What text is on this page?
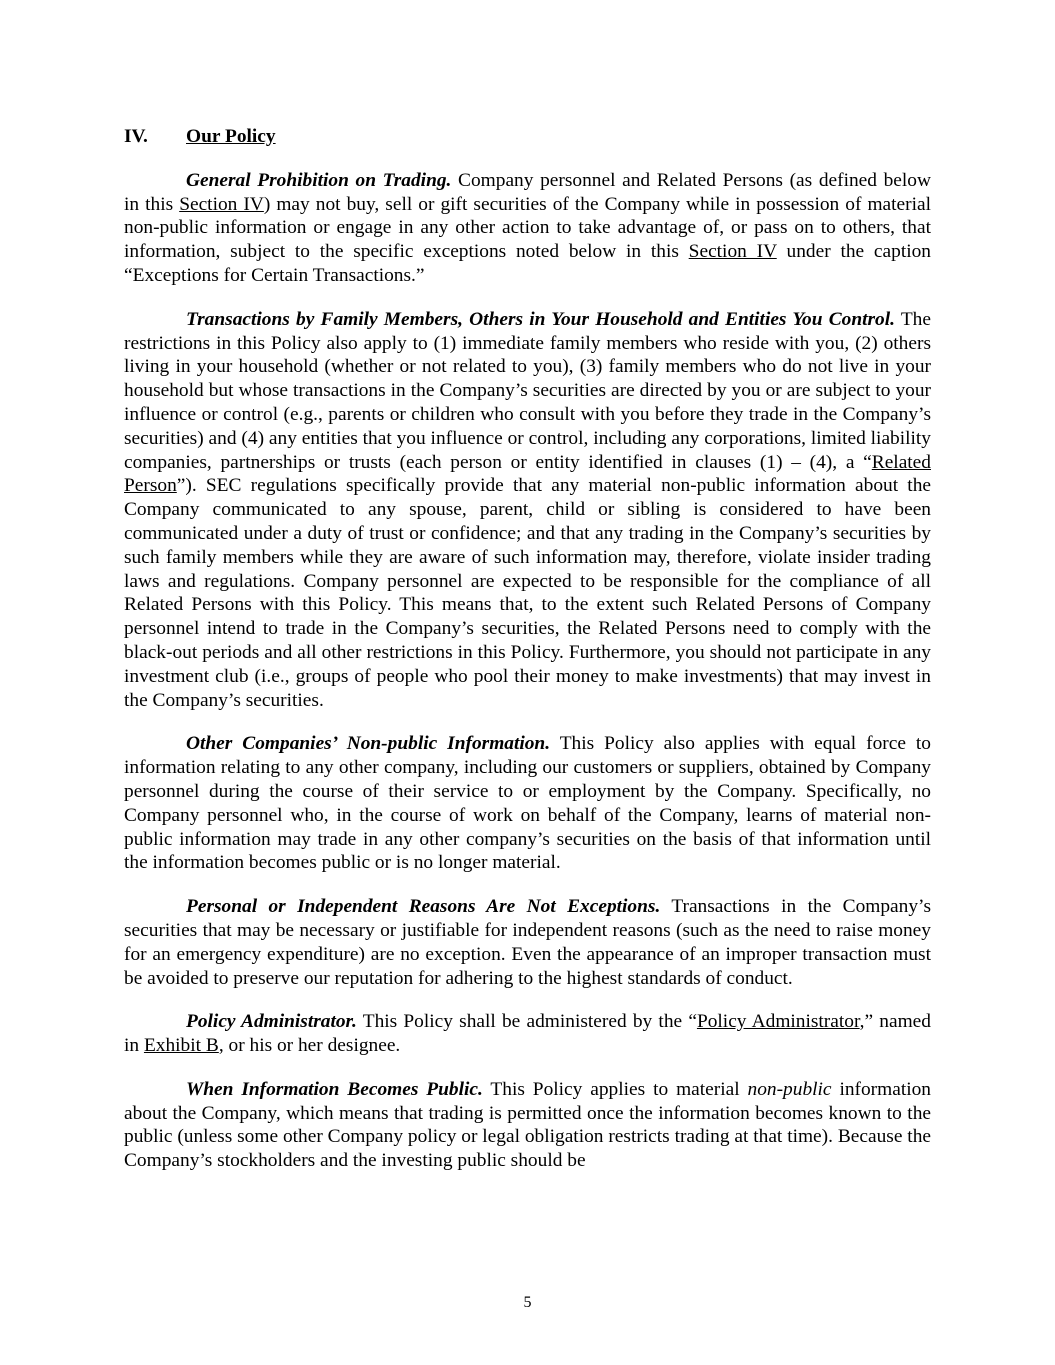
IV. Our Policy

General Prohibition on Trading. Company personnel and Related Persons (as defined below in this Section IV) may not buy, sell or gift securities of the Company while in possession of material non-public information or engage in any other action to take advantage of, or pass on to others, that information, subject to the specific exceptions noted below in this Section IV under the caption “Exceptions for Certain Transactions.”

Transactions by Family Members, Others in Your Household and Entities You Control. The restrictions in this Policy also apply to (1) immediate family members who reside with you, (2) others living in your household (whether or not related to you), (3) family members who do not live in your household but whose transactions in the Company’s securities are directed by you or are subject to your influence or control (e.g., parents or children who consult with you before they trade in the Company’s securities) and (4) any entities that you influence or control, including any corporations, limited liability companies, partnerships or trusts (each person or entity identified in clauses (1) – (4), a “Related Person”). SEC regulations specifically provide that any material non-public information about the Company communicated to any spouse, parent, child or sibling is considered to have been communicated under a duty of trust or confidence; and that any trading in the Company’s securities by such family members while they are aware of such information may, therefore, violate insider trading laws and regulations. Company personnel are expected to be responsible for the compliance of all Related Persons with this Policy. This means that, to the extent such Related Persons of Company personnel intend to trade in the Company’s securities, the Related Persons need to comply with the black-out periods and all other restrictions in this Policy. Furthermore, you should not participate in any investment club (i.e., groups of people who pool their money to make investments) that may invest in the Company’s securities.

Other Companies’ Non-public Information. This Policy also applies with equal force to information relating to any other company, including our customers or suppliers, obtained by Company personnel during the course of their service to or employment by the Company. Specifically, no Company personnel who, in the course of work on behalf of the Company, learns of material non-public information may trade in any other company’s securities on the basis of that information until the information becomes public or is no longer material.

Personal or Independent Reasons Are Not Exceptions. Transactions in the Company’s securities that may be necessary or justifiable for independent reasons (such as the need to raise money for an emergency expenditure) are no exception. Even the appearance of an improper transaction must be avoided to preserve our reputation for adhering to the highest standards of conduct.

Policy Administrator. This Policy shall be administered by the “Policy Administrator,” named in Exhibit B, or his or her designee.

When Information Becomes Public. This Policy applies to material non-public information about the Company, which means that trading is permitted once the information becomes known to the public (unless some other Company policy or legal obligation restricts trading at that time). Because the Company’s stockholders and the investing public should be

5
